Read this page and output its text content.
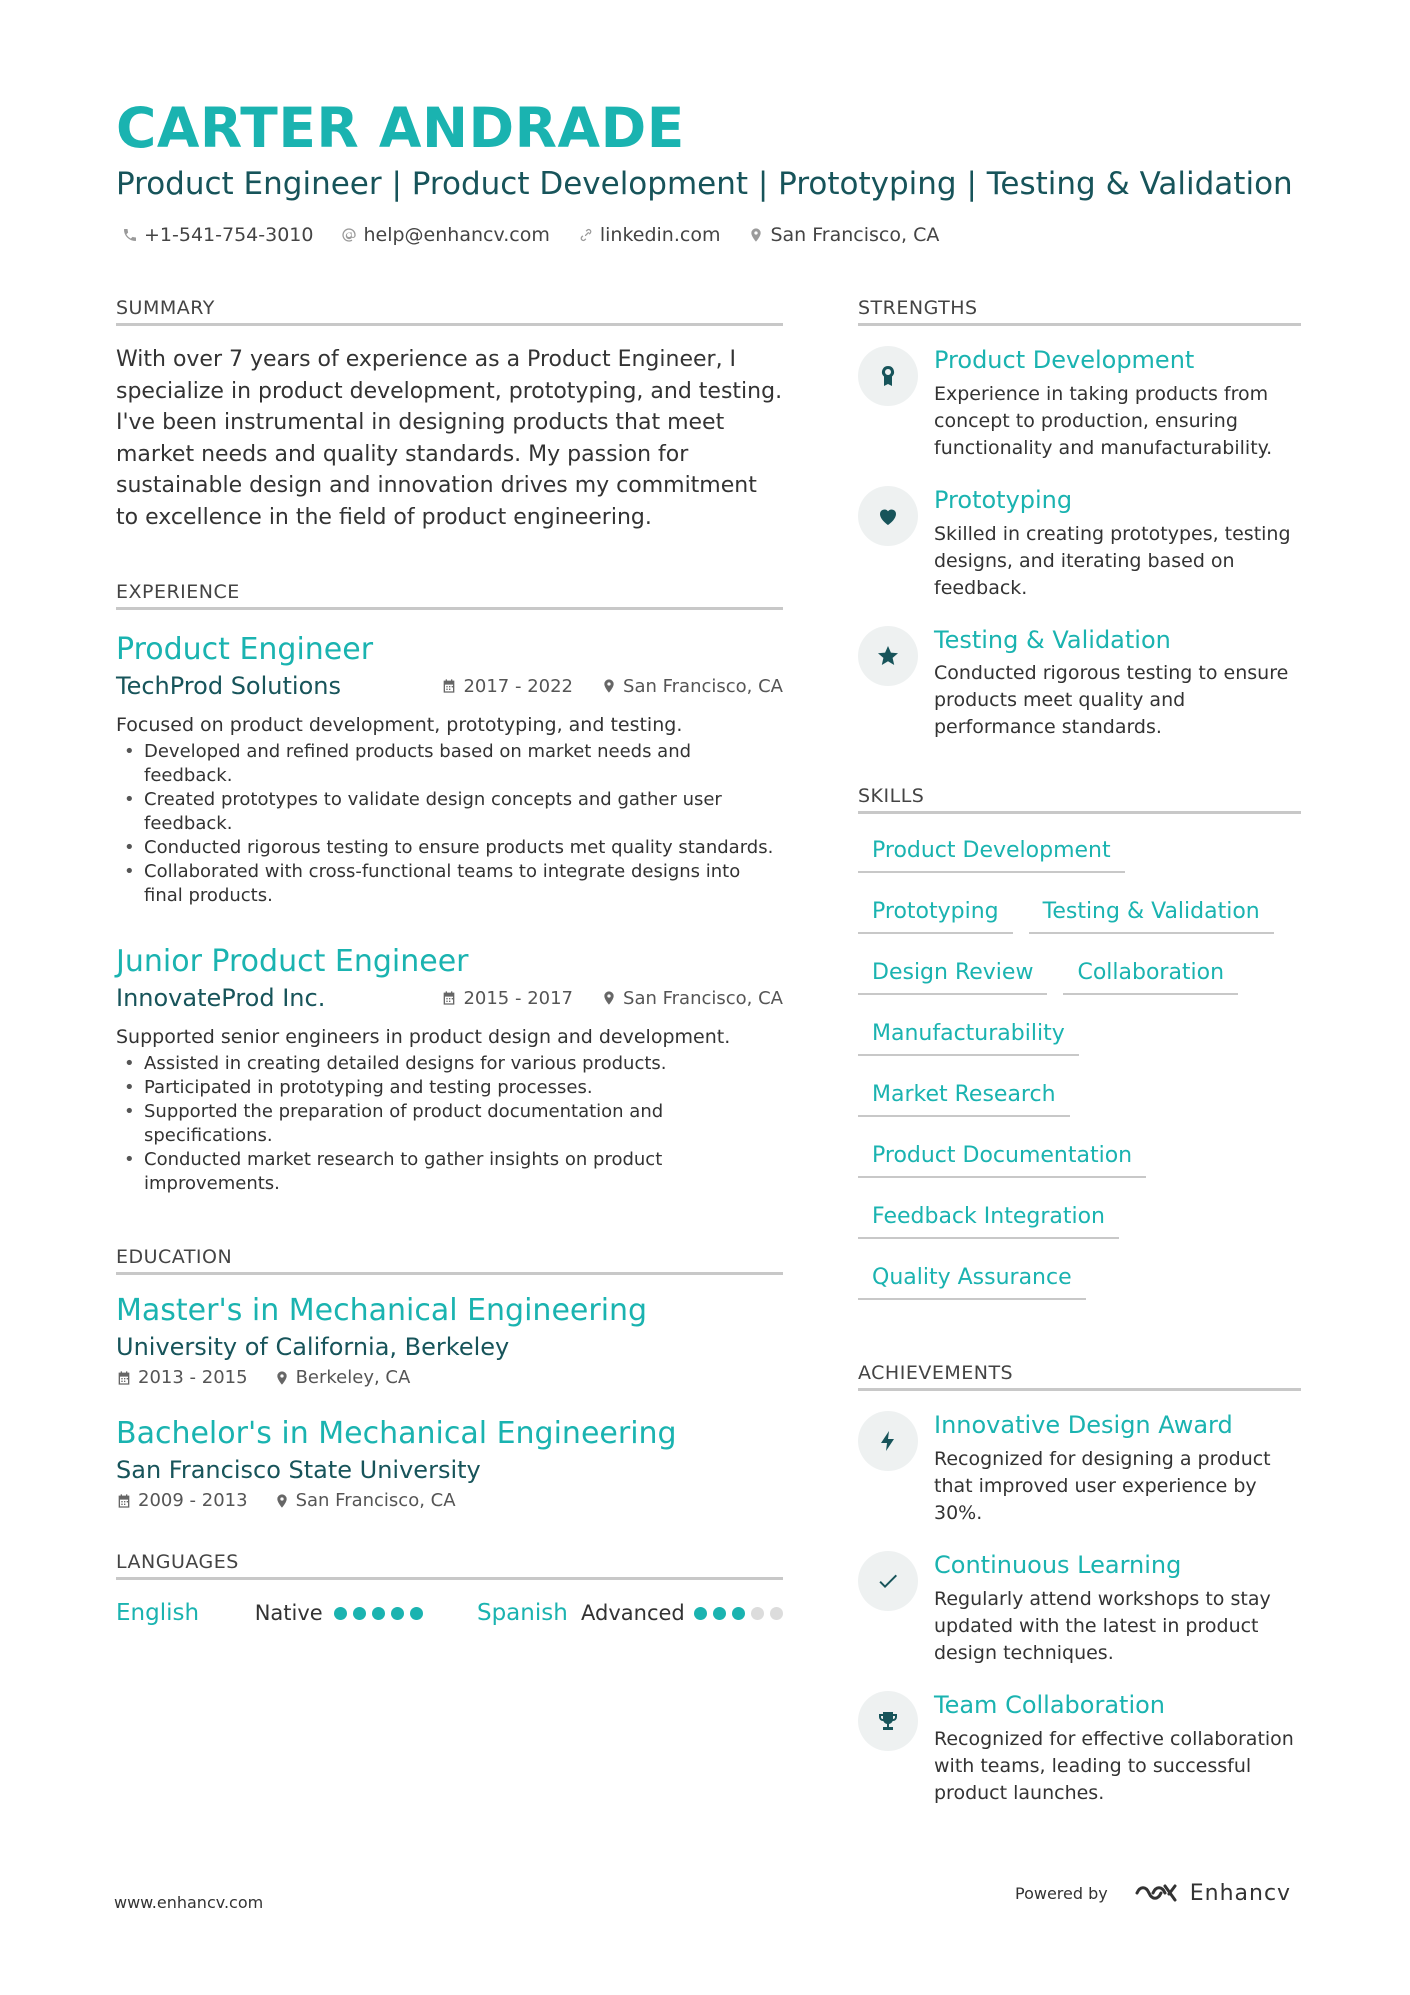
CARTER ANDRADE
Product Engineer | Product Development | Prototyping | Testing & Validation
+1-541-754-3010	help@enhancv.com	linkedin.com	San Francisco, CA
SUMMARY
With over 7 years of experience as a Product Engineer, I specialize in product development, prototyping, and testing. I've been instrumental in designing products that meet market needs and quality standards. My passion for sustainable design and innovation drives my commitment to excellence in the field of product engineering.
EXPERIENCE
Product Engineer
TechProd Solutions	2017 - 2022	San Francisco, CA
Focused on product development, prototyping, and testing.
• Developed and refined products based on market needs and feedback.
• Created prototypes to validate design concepts and gather user feedback.
• Conducted rigorous testing to ensure products met quality standards.
• Collaborated with cross-functional teams to integrate designs into final products.
Junior Product Engineer
InnovateProd Inc.	2015 - 2017	San Francisco, CA
Supported senior engineers in product design and development.
• Assisted in creating detailed designs for various products.
• Participated in prototyping and testing processes.
• Supported the preparation of product documentation and specifications.
• Conducted market research to gather insights on product improvements.
EDUCATION
Master's in Mechanical Engineering
University of California, Berkeley
2013 - 2015	Berkeley, CA
Bachelor's in Mechanical Engineering
San Francisco State University
2009 - 2013	San Francisco, CA
LANGUAGES
English	Native	Spanish Advanced
STRENGTHS
Product Development
Experience in taking products from concept to production, ensuring functionality and manufacturability.
Prototyping
Skilled in creating prototypes, testing designs, and iterating based on feedback.
Testing & Validation
Conducted rigorous testing to ensure products meet quality and performance standards.
SKILLS
Product Development
Prototyping	Testing & Validation
Design Review	Collaboration
Manufacturability
Market Research
Product Documentation
Feedback Integration
Quality Assurance
ACHIEVEMENTS
Innovative Design Award
Recognized for designing a product that improved user experience by 30%.
Continuous Learning
Regularly attend workshops to stay updated with the latest in product design techniques.
Team Collaboration
Recognized for effective collaboration with teams, leading to successful product launches.
www.enhancv.com	Powered by	Enhancv
